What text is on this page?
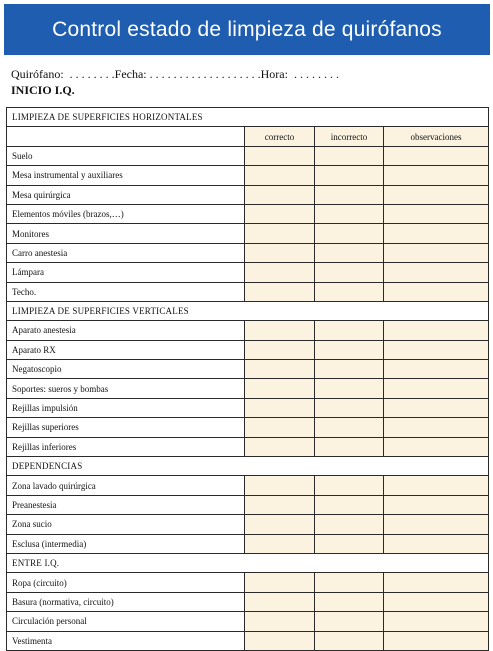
Control estado de limpieza de quirófanos
Quirófano:  . . . . . . . .Fecha: . . . . . . . . . . . . . . . . . . .Hora:  . . . . . . . .
INICIO I.Q.
LIMPIEZA DE SUPERFICIES HORIZONTALES			
	correcto	incorrecto	observaciones
Suelo			
Mesa instrumental y auxiliares			
Mesa quirúrgica			
Elementos móviles (brazos,…)			
Monitores			
Carro anestesia			
Lámpara			
Techo.			
LIMPIEZA DE SUPERFICIES VERTICALES			
Aparato anestesia			
Aparato RX			
Negatoscopio			
Soportes: sueros y bombas			
Rejillas impulsión			
Rejillas superiores			
Rejillas inferiores			
DEPENDENCIAS			
Zona lavado quirúrgica			
Preanestesia			
Zona sucio			
Esclusa (intermedia)			
ENTRE I.Q.			
Ropa (circuito)			
Basura (normativa, circuito)			
Circulación personal			
Vestimenta			
